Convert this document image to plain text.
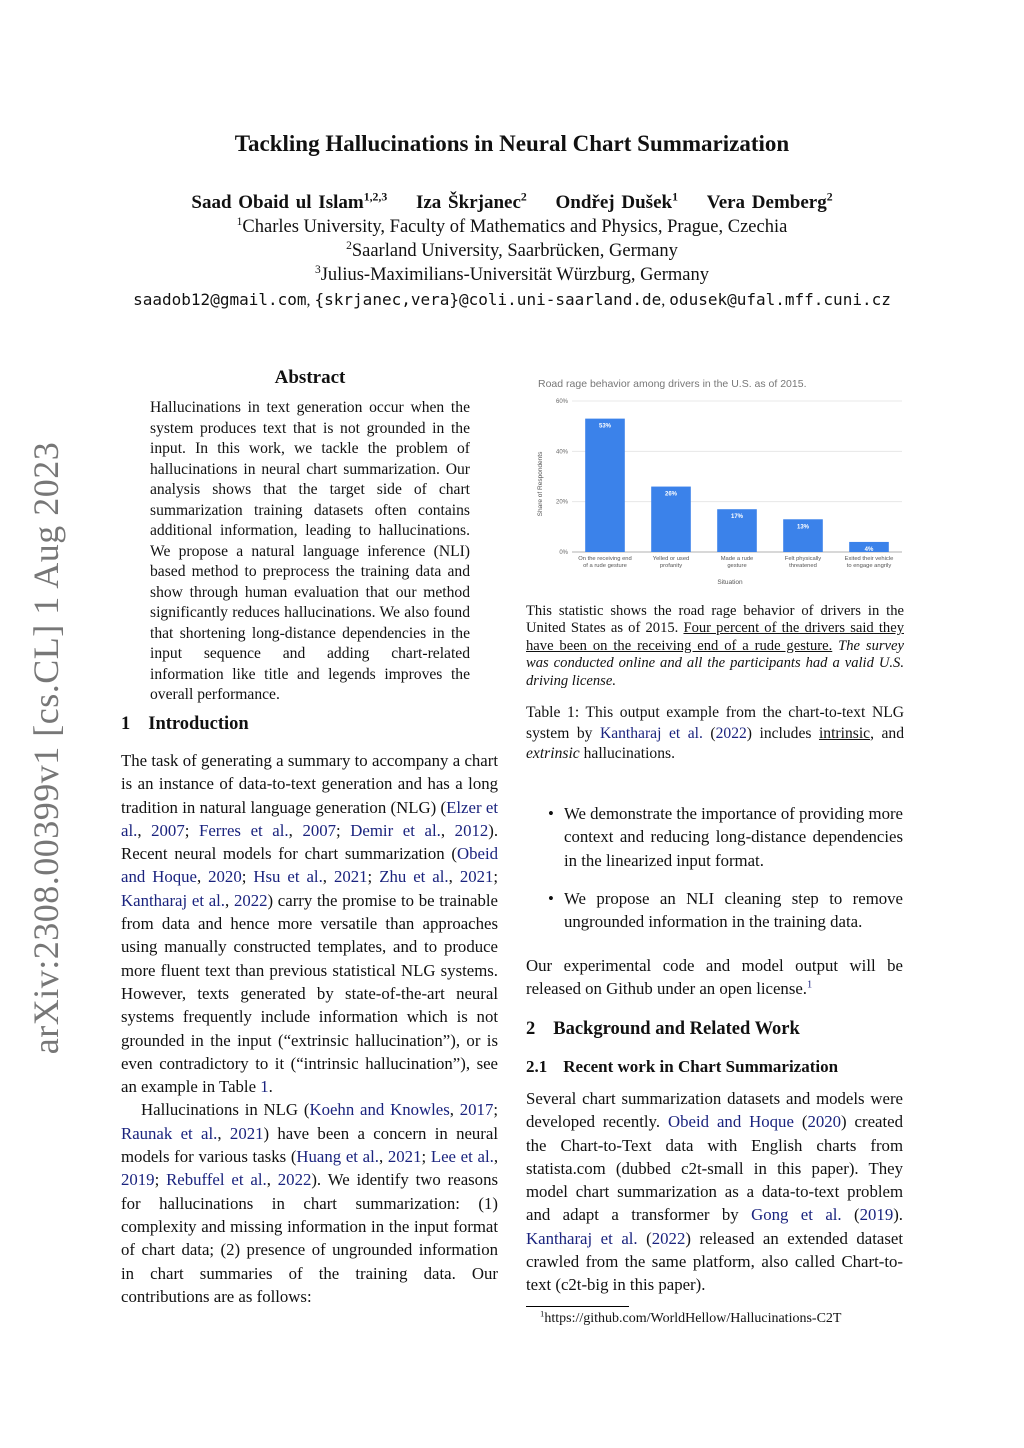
arXiv:2308.00399v1 [cs.CL] 1 Aug 2023
Tackling Hallucinations in Neural Chart Summarization
Saad Obaid ul Islam$^{1,2,3}$ Iza Škrjanec$^2$ Ondřej Dušek$^1$ Vera Demberg$^2$
$^1$Charles University, Faculty of Mathematics and Physics, Prague, Czechia
$^2$Saarland University, Saarbrücken, Germany
$^3$Julius-Maximilians-Universität Würzburg, Germany
saadob12@gmail.com, {skrjanec,vera}@coli.uni-saarland.de, odusek@ufal.mff.cuni.cz
Abstract
Hallucinations in text generation occur when the system produces text that is not grounded in the input. In this work, we tackle the problem of hallucinations in neural chart summarization. Our analysis shows that the target side of chart summarization training datasets often contains additional information, leading to hallucinations. We propose a natural language inference (NLI) based method to preprocess the training data and show through human evaluation that our method significantly reduces hallucinations. We also found that shortening long-distance dependencies in the input sequence and adding chart-related information like title and legends improves the overall performance.
1 Introduction

The task of generating a summary to accompany a chart is an instance of data-to-text generation and has a long tradition in natural language generation (NLG) (Elzer et al., 2007; Ferres et al., 2007; Demir et al., 2012). Recent neural models for chart summarization (Obeid and Hoque, 2020; Hsu et al., 2021; Zhu et al., 2021; Kantharaj et al., 2022) carry the promise to be trainable from data and hence more versatile than approaches using manually constructed templates, and to produce more fluent text than previous statistical NLG systems. However, texts generated by state-of-the-art neural systems frequently include information which is not grounded in the input (“extrinsic hallucination”), or is even contradictory to it (“intrinsic hallucination”), see an example in Table 1.

Hallucinations in NLG (Koehn and Knowles, 2017; Raunak et al., 2021) have been a concern in neural models for various tasks (Huang et al., 2021; Lee et al., 2019; Rebuffel et al., 2022). We identify two reasons for hallucinations in chart summarization: (1) complexity and missing information in the input format of chart data; (2) presence of ungrounded information in chart summaries of the training data. Our contributions are as follows:

Road rage behavior among drivers in the U.S. as of 2015.
Share of Respondents
Situation
0%
20%
40%
60%
53%
On the receiving end
of a rude gesture
26%
Yelled or used
profanity
17%
Made a rude
gesture
13%
Felt physically
threatened
4%
Exited their vehicle
to engage angrily
This statistic shows the road rage behavior of drivers in the United States as of 2015. Four percent of the drivers said they have been on the receiving end of a rude gesture. The survey was conducted online and all the participants had a valid U.S. driving license.
Table 1: This output example from the chart-to-text NLG system by Kantharaj et al. (2022) includes intrinsic, and extrinsic hallucinations.
• We demonstrate the importance of providing more context and reducing long-distance dependencies in the linearized input format.
• We propose an NLI cleaning step to remove ungrounded information in the training data.
Our experimental code and model output will be released on Github under an open license.$^1$
2 Background and Related Work
2.1 Recent work in Chart Summarization

Several chart summarization datasets and models were developed recently. Obeid and Hoque (2020) created the Chart-to-Text data with English charts from statista.com (dubbed c2t-small in this paper). They model chart summarization as a data-to-text problem and adapt a transformer by Gong et al. (2019). Kantharaj et al. (2022) released an extended dataset crawled from the same platform, also called Chart-to-text (c2t-big in this paper).

$^1$https://github.com/WorldHellow/Hallucinations-C2T
